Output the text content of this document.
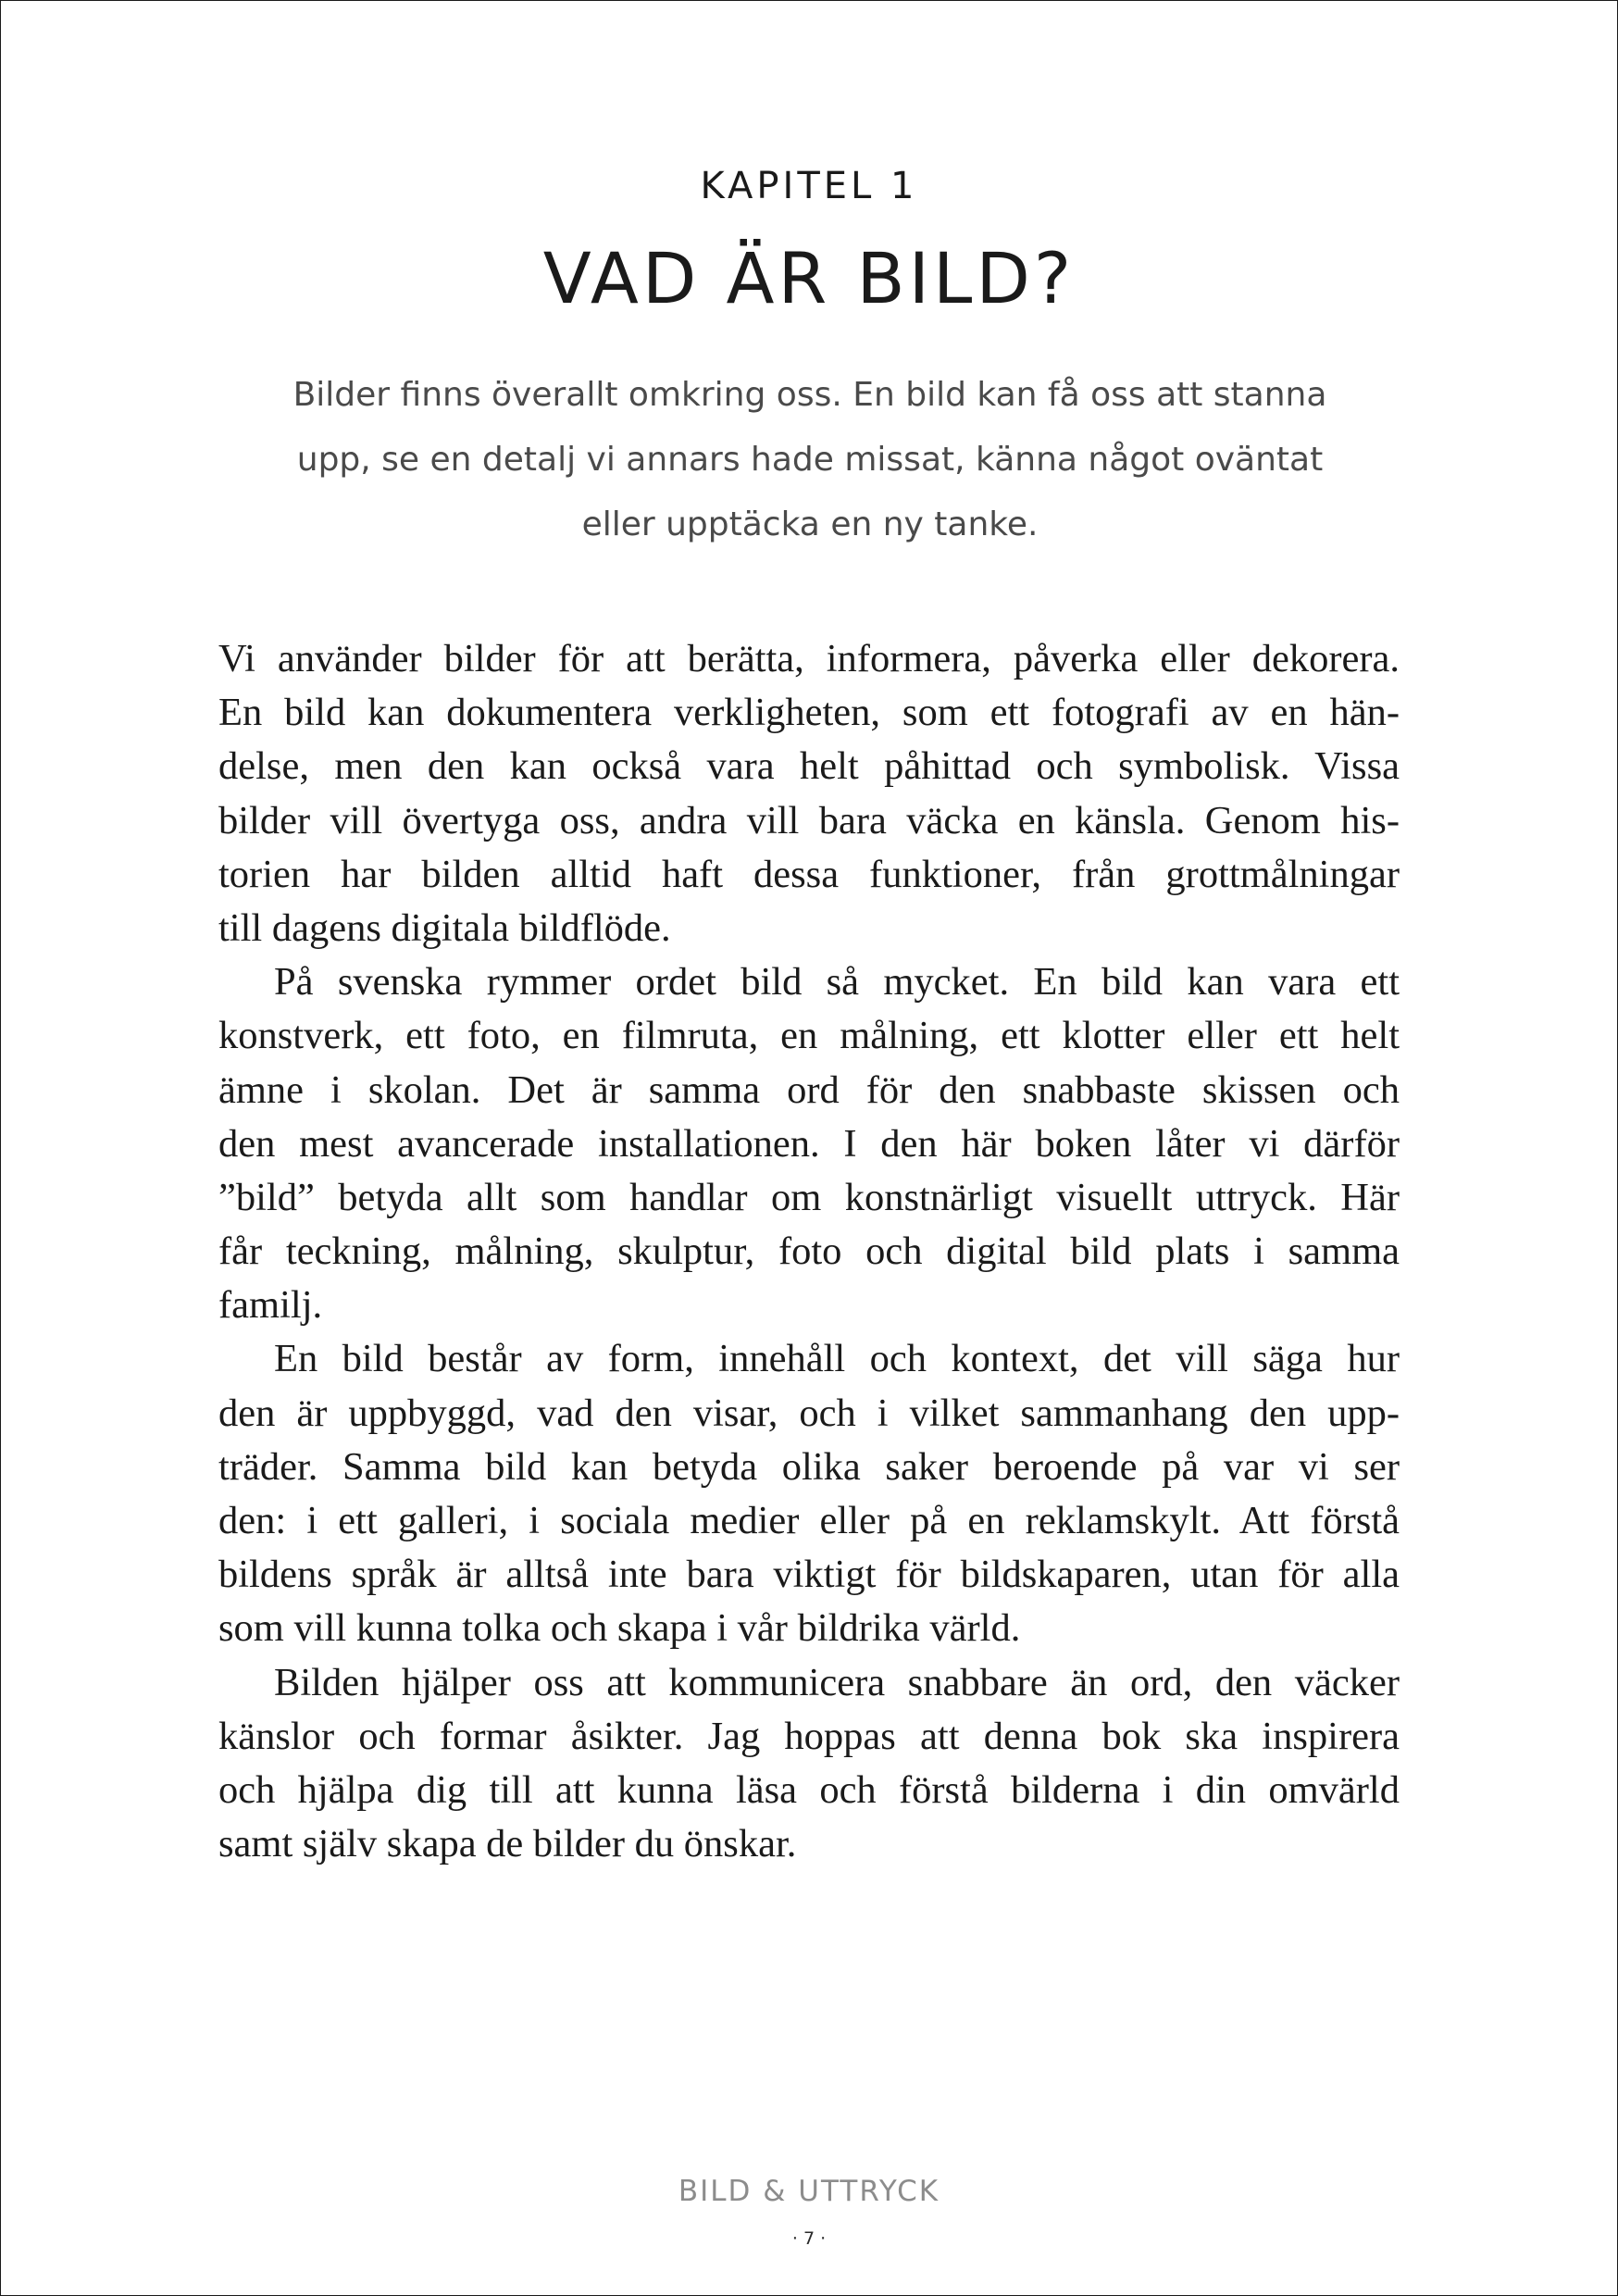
KAPITEL 1
VAD ÄR BILD?
Bilder finns överallt omkring oss. En bild kan få oss att stanna
upp, se en detalj vi annars hade missat, känna något oväntat
eller upptäcka en ny tanke.
Vi använder bilder för att berätta, informera, påverka eller dekorera.
En bild kan dokumentera verkligheten, som ett fotografi av en hän-
delse, men den kan också vara helt påhittad och symbolisk. Vissa
bilder vill övertyga oss, andra vill bara väcka en känsla. Genom his-
torien har bilden alltid haft dessa funktioner, från grottmålningar
till dagens digitala bildflöde.
På svenska rymmer ordet bild så mycket. En bild kan vara ett
konstverk, ett foto, en filmruta, en målning, ett klotter eller ett helt
ämne i skolan. Det är samma ord för den snabbaste skissen och
den mest avancerade installationen. I den här boken låter vi därför
”bild” betyda allt som handlar om konstnärligt visuellt uttryck. Här
får teckning, målning, skulptur, foto och digital bild plats i samma
familj.
En bild består av form, innehåll och kontext, det vill säga hur
den är uppbyggd, vad den visar, och i vilket sammanhang den upp-
träder. Samma bild kan betyda olika saker beroende på var vi ser
den: i ett galleri, i sociala medier eller på en reklamskylt. Att förstå
bildens språk är alltså inte bara viktigt för bildskaparen, utan för alla
som vill kunna tolka och skapa i vår bildrika värld.
Bilden hjälper oss att kommunicera snabbare än ord, den väcker
känslor och formar åsikter. Jag hoppas att denna bok ska inspirera
och hjälpa dig till att kunna läsa och förstå bilderna i din omvärld
samt själv skapa de bilder du önskar.
BILD & UTTRYCK
· 7 ·
